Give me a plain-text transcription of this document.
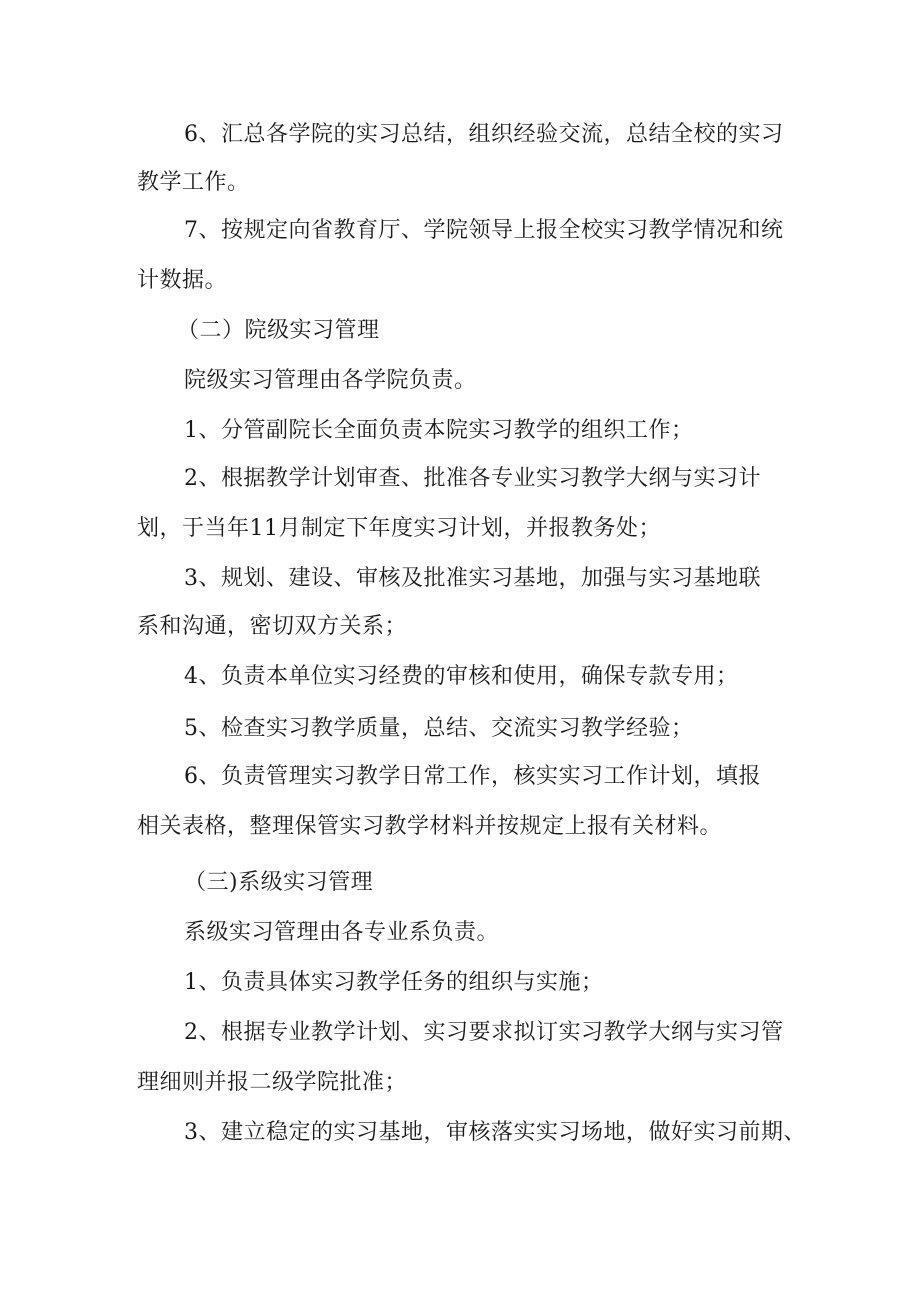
6、汇总各学院的实习总结，组织经验交流，总结全校的实习
教学工作。
7、按规定向省教育厅、学院领导上报全校实习教学情况和统
计数据。
（二）院级实习管理
院级实习管理由各学院负责。
1、分管副院长全面负责本院实习教学的组织工作；
2、根据教学计划审查、批准各专业实习教学大纲与实习计
划，于当年11月制定下年度实习计划，并报教务处；
3、规划、建设、审核及批准实习基地，加强与实习基地联
系和沟通，密切双方关系；
4、负责本单位实习经费的审核和使用，确保专款专用；
5、检查实习教学质量，总结、交流实习教学经验；
6、负责管理实习教学日常工作，核实实习工作计划，填报
相关表格，整理保管实习教学材料并按规定上报有关材料。
（三)系级实习管理
系级实习管理由各专业系负责。
1、负责具体实习教学任务的组织与实施；
2、根据专业教学计划、实习要求拟订实习教学大纲与实习管
理细则并报二级学院批准；
3、建立稳定的实习基地，审核落实实习场地，做好实习前期、
